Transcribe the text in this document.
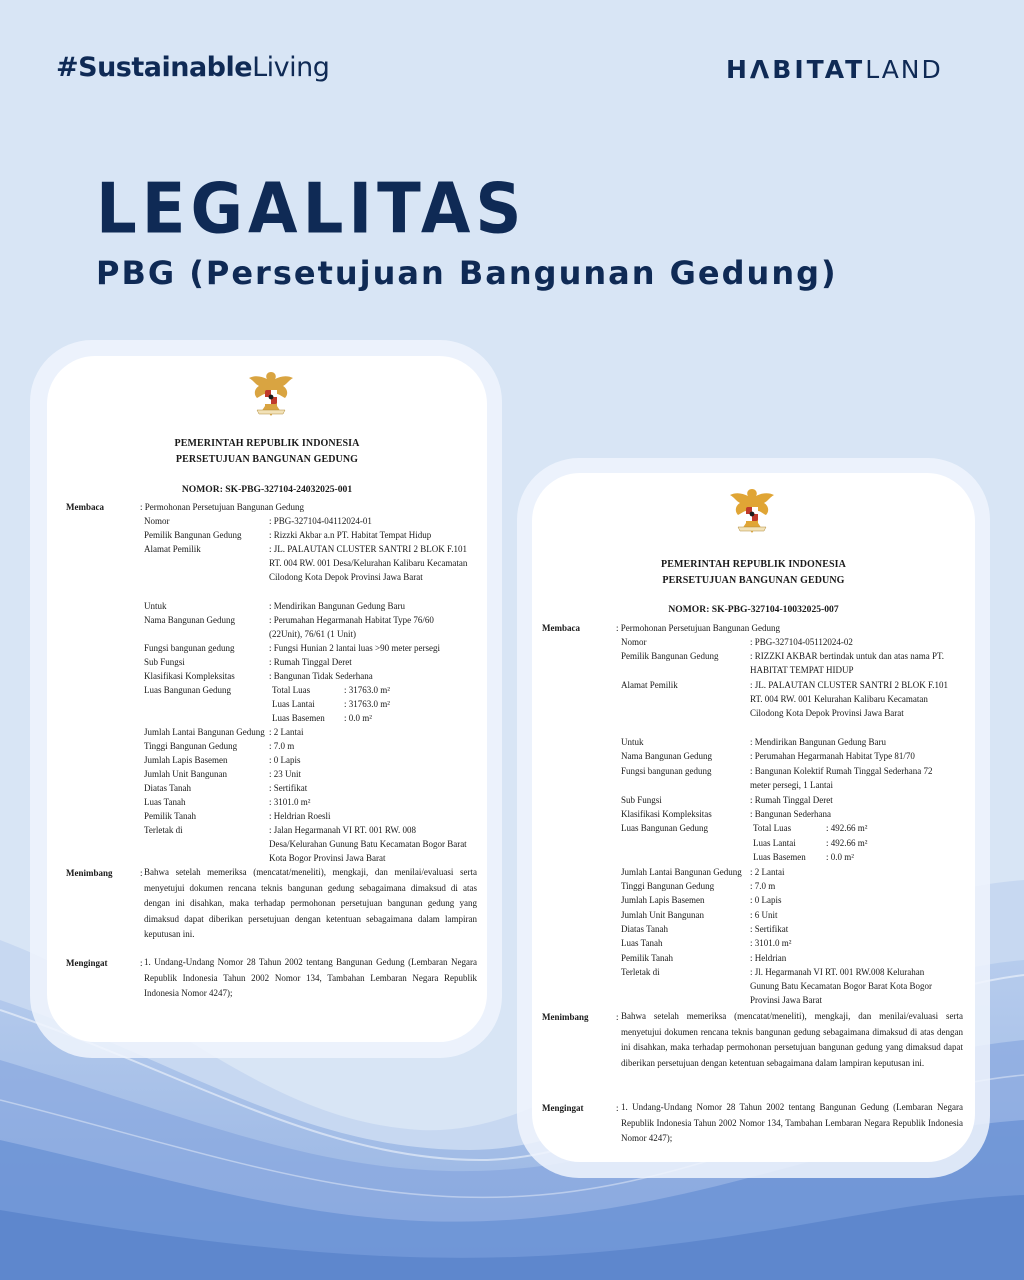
#SustainableLiving	HΛBITATLAND
LEGALITAS
PBG (Persetujuan Bangunan Gedung)
PEMERINTAH REPUBLIK INDONESIA
PERSETUJUAN BANGUNAN GEDUNG
NOMOR: SK-PBG-327104-24032025-001
Membaca	: Permohonan Persetujuan Bangunan Gedung
Nomor	: PBG-327104-04112024-01
Pemilik Bangunan Gedung	: Rizzki Akbar a.n PT. Habitat Tempat Hidup
Alamat Pemilik	: JL. PALAUTAN CLUSTER SANTRI 2 BLOK F.101 RT. 004 RW. 001 Desa/Kelurahan Kalibaru Kecamatan Cilodong Kota Depok Provinsi Jawa Barat
Untuk	: Mendirikan Bangunan Gedung Baru
Nama Bangunan Gedung	: Perumahan Hegarmanah Habitat Type 76/60 (22Unit), 76/61 (1 Unit)
Fungsi bangunan gedung	: Fungsi Hunian 2 lantai luas >90 meter persegi
Sub Fungsi	: Rumah Tinggal Deret
Klasifikasi Kompleksitas	: Bangunan Tidak Sederhana
Luas Bangunan Gedung	Total Luas	: 31763.0 m²
Luas Lantai	: 31763.0 m²
Luas Basemen : 0.0 m²
Jumlah Lantai Bangunan Gedung : 2 Lantai
Tinggi Bangunan Gedung	: 7.0 m
Jumlah Lapis Basemen	: 0 Lapis
Jumlah Unit Bangunan	: 23 Unit
Diatas Tanah	: Sertifikat
Luas Tanah	: 3101.0 m²
Pemilik Tanah	: Heldrian Roesli
Terletak di	: Jalan Hegarmanah VI RT. 001 RW. 008 Desa/Kelurahan Gunung Batu Kecamatan Bogor Barat Kota Bogor Provinsi Jawa Barat
Menimbang	: Bahwa setelah memeriksa (mencatat/meneliti), mengkaji, dan menilai/evaluasi serta menyetujui dokumen rencana teknis bangunan gedung sebagaimana dimaksud di atas dengan ini disahkan, maka terhadap permohonan persetujuan bangunan gedung yang dimaksud dapat diberikan persetujuan dengan ketentuan sebagaimana dalam lampiran keputusan ini.
Mengingat	: 1. Undang-Undang Nomor 28 Tahun 2002 tentang Bangunan Gedung (Lembaran Negara Republik Indonesia Tahun 2002 Nomor 134, Tambahan Lembaran Negara Republik Indonesia Nomor 4247);
PEMERINTAH REPUBLIK INDONESIA
PERSETUJUAN BANGUNAN GEDUNG
NOMOR: SK-PBG-327104-10032025-007
Membaca	: Permohonan Persetujuan Bangunan Gedung
Nomor	: PBG-327104-05112024-02
Pemilik Bangunan Gedung	: RIZZKI AKBAR bertindak untuk dan atas nama PT. HABITAT TEMPAT HIDUP
Alamat Pemilik	: JL. PALAUTAN CLUSTER SANTRI 2 BLOK F.101 RT. 004 RW. 001 Kelurahan Kalibaru Kecamatan Cilodong Kota Depok Provinsi Jawa Barat
Untuk	: Mendirikan Bangunan Gedung Baru
Nama Bangunan Gedung	: Perumahan Hegarmanah Habitat Type 81/70
Fungsi bangunan gedung	: Bangunan Kolektif Rumah Tinggal Sederhana 72 meter persegi, 1 Lantai
Sub Fungsi	: Rumah Tinggal Deret
Klasifikasi Kompleksitas	: Bangunan Sederhana
Luas Bangunan Gedung	Total Luas	: 492.66 m²
Luas Lantai	: 492.66 m²
Luas Basemen : 0.0 m²
Jumlah Lantai Bangunan Gedung : 2 Lantai
Tinggi Bangunan Gedung	: 7.0 m
Jumlah Lapis Basemen	: 0 Lapis
Jumlah Unit Bangunan	: 6 Unit
Diatas Tanah	: Sertifikat
Luas Tanah	: 3101.0 m²
Pemilik Tanah	: Heldrian
Terletak di	: Jl. Hegarmanah VI RT. 001 RW.008 Kelurahan Gunung Batu Kecamatan Bogor Barat Kota Bogor Provinsi Jawa Barat
Menimbang	: Bahwa setelah memeriksa (mencatat/meneliti), mengkaji, dan menilai/evaluasi serta menyetujui dokumen rencana teknis bangunan gedung sebagaimana dimaksud di atas dengan ini disahkan, maka terhadap permohonan persetujuan bangunan gedung yang dimaksud dapat diberikan persetujuan dengan ketentuan sebagaimana dalam lampiran keputusan ini.
Mengingat	: 1. Undang-Undang Nomor 28 Tahun 2002 tentang Bangunan Gedung (Lembaran Negara Republik Indonesia Tahun 2002 Nomor 134, Tambahan Lembaran Negara Republik Indonesia Nomor 4247);
